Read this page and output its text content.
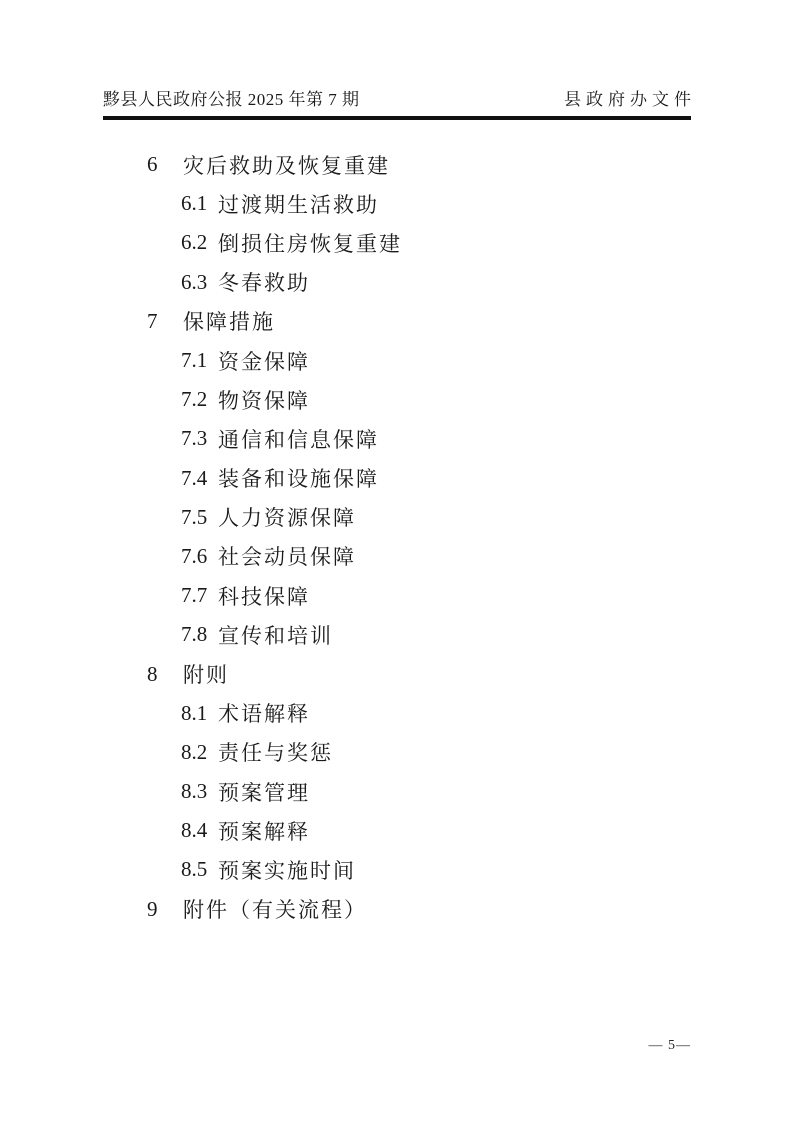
黟县人民政府公报 2025 年第 7 期	县政府办文件
6	灾后救助及恢复重建
6.1 过渡期生活救助
6.2 倒损住房恢复重建
6.3 冬春救助
7	保障措施
7.1 资金保障
7.2 物资保障
7.3 通信和信息保障
7.4 装备和设施保障
7.5 人力资源保障
7.6 社会动员保障
7.7 科技保障
7.8 宣传和培训
8	附则
8.1 术语解释
8.2 责任与奖惩
8.3 预案管理
8.4 预案解释
8.5 预案实施时间
9	附件（有关流程）
— 5—
